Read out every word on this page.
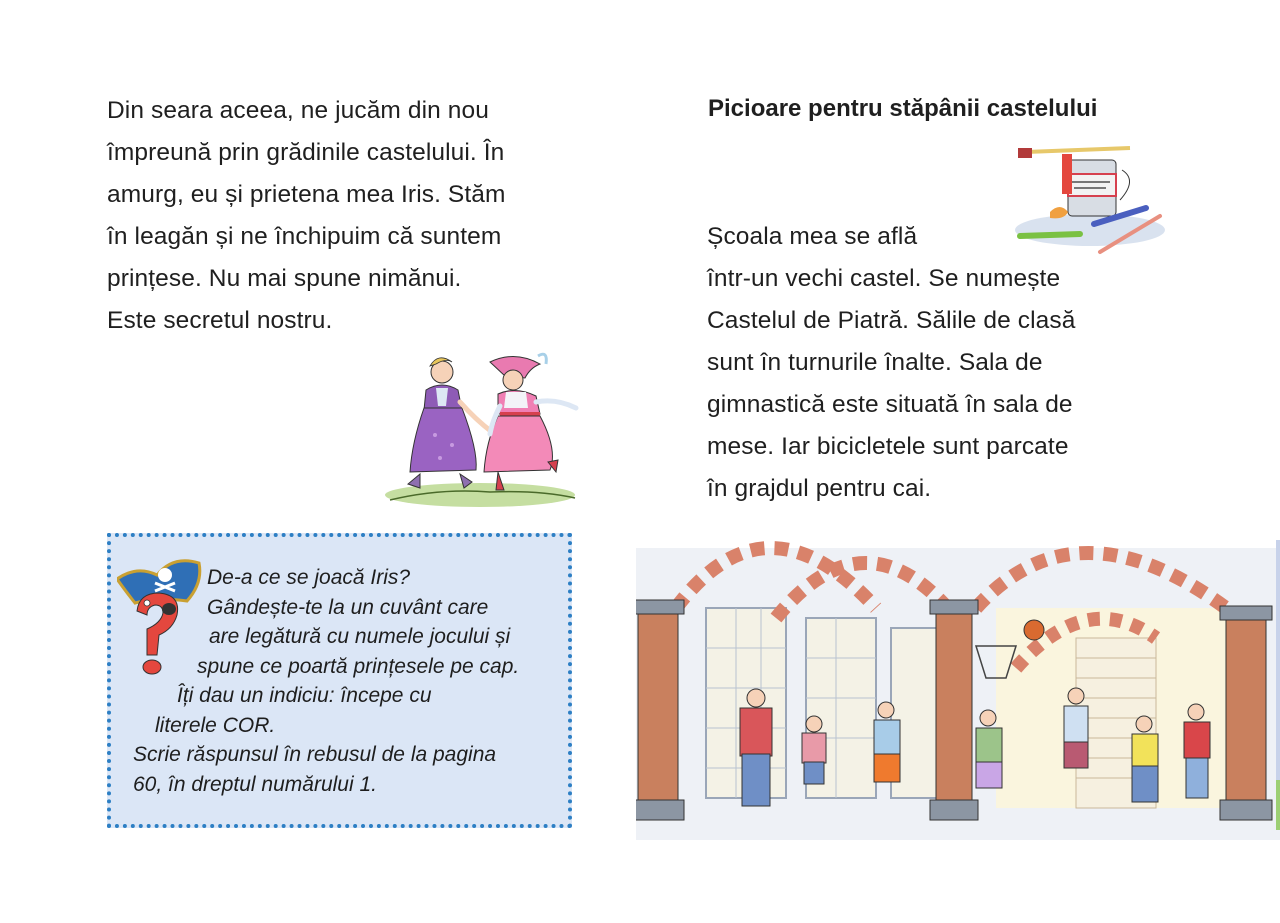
Din seara aceea, ne jucăm din nou
împreună prin grădinile castelului. În
amurg, eu și prietena mea Iris. Stăm
în leagăn și ne închipuim că suntem
prințese. Nu mai spune nimănui.
Este secretul nostru.
De-a ce se joacă Iris?
Gândește-te la un cuvânt care
are legătură cu numele jocului și
spune ce poartă prințesele pe cap.
Îți dau un indiciu: începe cu
literele COR.
Scrie răspunsul în rebusul de la pagina
60, în dreptul numărului 1.
Picioare pentru stăpânii castelului
Școala mea se află
într-un vechi castel. Se numește
Castelul de Piatră. Sălile de clasă
sunt în turnurile înalte. Sala de
gimnastică este situată în sala de
mese. Iar bicicletele sunt parcate
în grajdul pentru cai.
